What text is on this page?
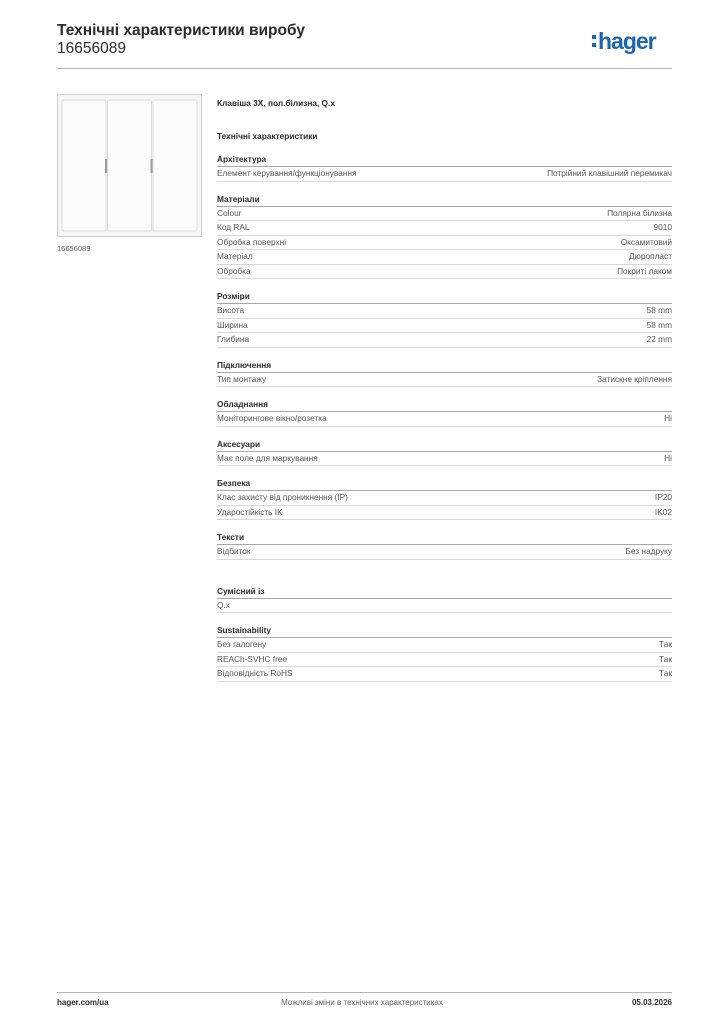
Технічні характеристики виробу
16656089	hager
16656089
Клавіша 3X, пол.білизна, Q.x
Технічні характеристики
Архітектура
Елемент керування/функціонування	Потрійний клавішний перемикач
Матеріали
Colour	Полярна білизна
Код RAL	9010
Обробка поверхні	Оксамитовий
Матеріал	Дюропласт
Обробка	Покриті лаком
Розміри
Висота	58 mm
Ширина	58 mm
Глибина	22 mm
Підключення
Тип монтажу	Затискне кріплення
Обладнання
Моніторингове вікно/розетка	Ні
Аксесуари
Має поле для маркування	Ні
Безпека
Клас захисту від проникнення (IP)	IP20
Ударостійкість IK	IK02
Тексти
Відбиток	Без надруку
Сумісний із
Q.x
Sustainability
Без галогену	Так
REACh-SVHC free	Так
Відповідність RoHS	Так
hager.com/ua	Можливі зміни в технічних характеристиках	05.03.2026
